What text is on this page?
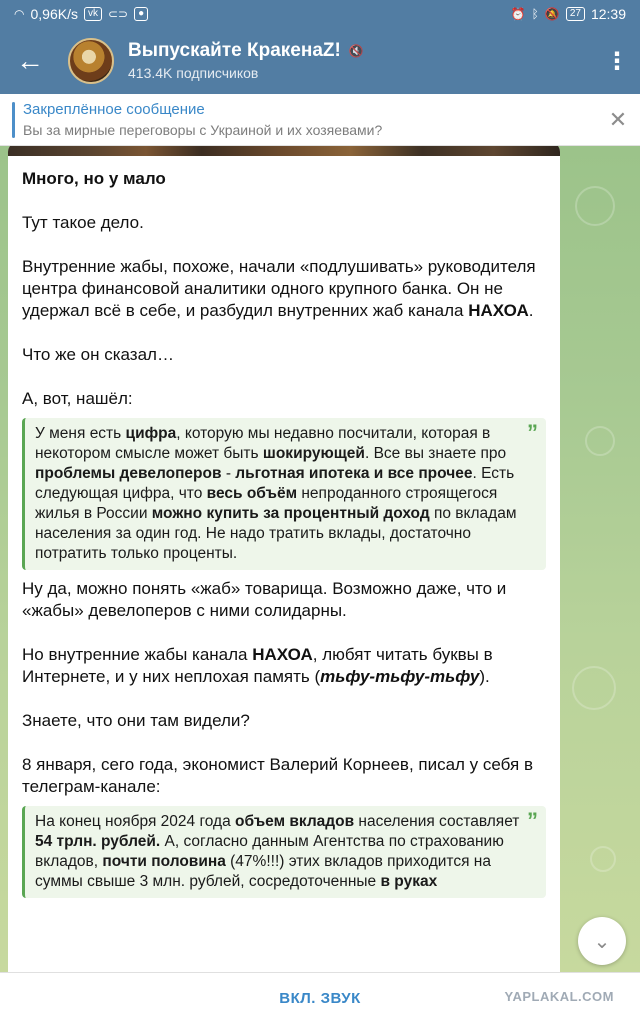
◠ 0,96K/s	vk ⊂⊃	●	⏰ ᛒ 🔕	27 12:39
←	Выпускайте КракенаZ! 🔇
413.4K подписчиков	⋮
Закреплённое сообщение
Вы за мирные переговоры с Украиной и их хозяевами?	✕

Много, но у мало

Тут такое дело.

Внутренние жабы, похоже, начали «подлушивать» руководителя центра финансовой аналитики одного крупного банка. Он не удержал всё в себе, и разбудил внутренних жаб канала НАХОА.

Что же он сказал…

А, вот, нашёл:

”
У меня есть цифра, которую мы недавно посчитали, которая в некотором смысле может быть шокирующей. Все вы знаете про проблемы девелоперов - льготная ипотека и все прочее. Есть следующая цифра, что весь объём непроданного строящегося жилья в России можно купить за процентный доход по вкладам населения за один год. Не надо тратить вклады, достаточно потратить только проценты.

Ну да, можно понять «жаб» товарища. Возможно даже, что и «жабы» девелоперов с ними солидарны.

Но внутренние жабы канала НАХОА, любят читать буквы в Интернете, и у них неплохая память (тьфу-тьфу-тьфу).

Знаете, что они там видели?

8 января, сего года, экономист Валерий Корнеев, писал у себя в телеграм-канале:

”
На конец ноября 2024 года объем вкладов населения составляет 54 трлн. рублей. А, согласно данным Агентства по страхованию вкладов, почти половина (47%!!!) этих вкладов приходится на суммы свыше 3 млн. рублей, сосредоточенные в руках
⌄
ВКЛ. ЗВУК	YAPLAKAL.COM
